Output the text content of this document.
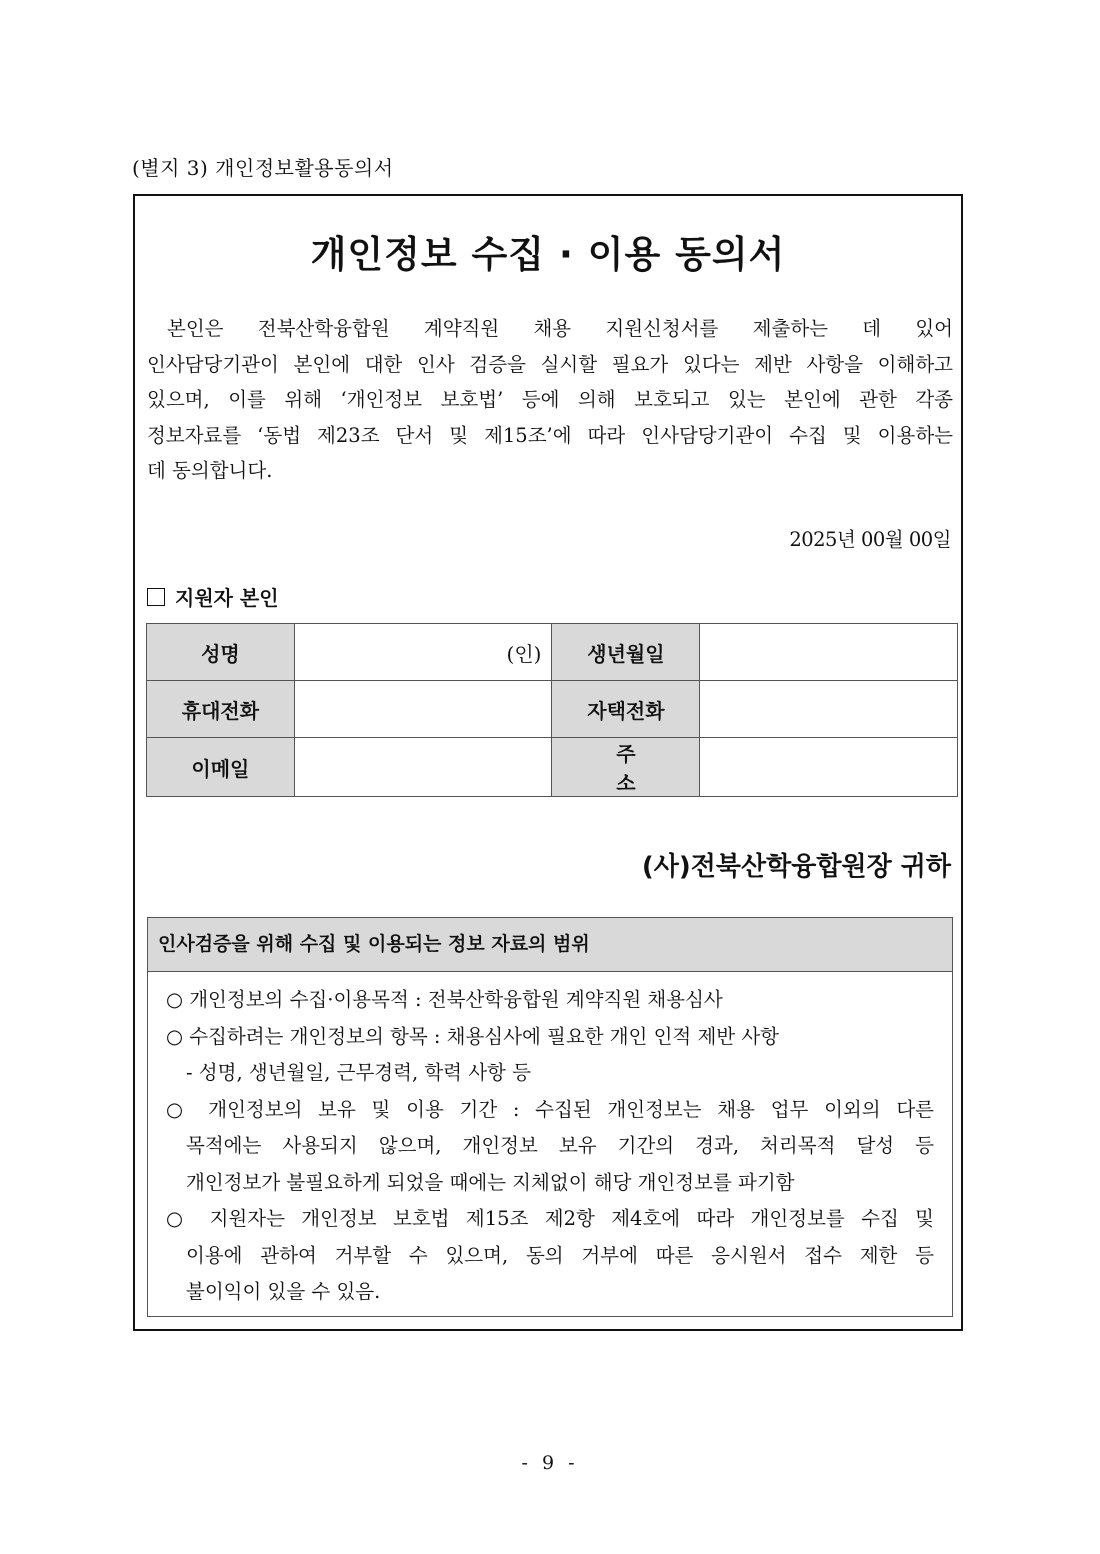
(별지 3) 개인정보활용동의서
개인정보 수집 · 이용 동의서

본인은 전북산학융합원 계약직원 채용 지원신청서를 제출하는 데 있어

인사담당기관이 본인에 대한 인사 검증을 실시할 필요가 있다는 제반 사항을 이해하고

있으며, 이를 위해 ‘개인정보 보호법’ 등에 의해 보호되고 있는 본인에 관한 각종

정보자료를 ‘동법 제23조 단서 및 제15조’에 따라 인사담당기관이 수집 및 이용하는

데 동의합니다.

2025년 00월 00일
지원자 본인
성명	(인)	생년월일	
휴대전화		자택전화	
이메일		주소	
(사)전북산학융합원장 귀하
인사검증을 위해 수집 및 이용되는 정보 자료의 범위
○ 개인정보의 수집·이용목적 : 전북산학융합원 계약직원 채용심사
○ 수집하려는 개인정보의 항목 : 채용심사에 필요한 개인 인적 제반 사항
- 성명, 생년월일, 근무경력, 학력 사항 등
○ 개인정보의 보유 및 이용 기간 : 수집된 개인정보는 채용 업무 이외의 다른
목적에는 사용되지 않으며, 개인정보 보유 기간의 경과, 처리목적 달성 등
개인정보가 불필요하게 되었을 때에는 지체없이 해당 개인정보를 파기함
○ 지원자는 개인정보 보호법 제15조 제2항 제4호에 따라 개인정보를 수집 및
이용에 관하여 거부할 수 있으며, 동의 거부에 따른 응시원서 접수 제한 등
불이익이 있을 수 있음.
- 9 -
